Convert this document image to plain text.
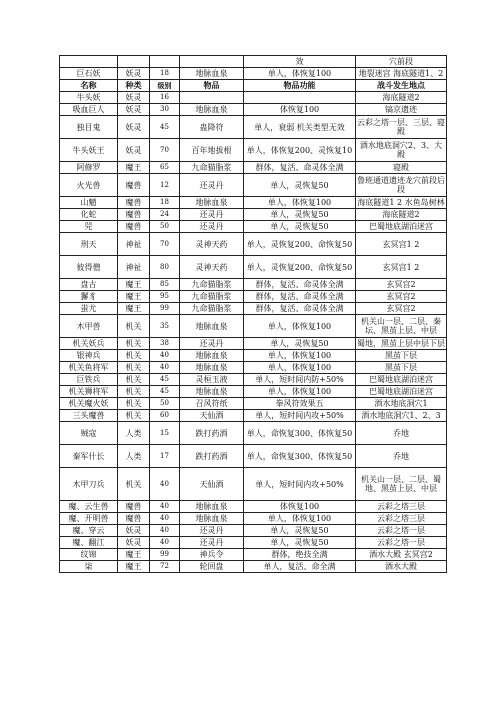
				效	穴前段
巨石妖	妖灵	18	地脉血泉	单人，体恢复100	地裂迷宫 海底隧道1、2
名称	种类	级别	物品	物品功能	战斗发生地点
牛头妖	妖灵	16			海底隧道2
吸血巨人	妖灵	30	地脉血泉	体恢复100	镐京遗迹
独目鬼	妖灵	45	蛊降符	单人，衰弱 机关类型无效	云彩之塔一层、三层、寝殿
牛头妖王	妖灵	70	百年地拔根	单人，体恢复200、灵恢复10	酒水地底洞穴2、3、大殿
阿修罗	魔王	65	九命猫脂浆	群体，复活、命灵体全满	寝殿
火光兽	魔兽	12	还灵丹	单人，灵恢复50	鲁班通道遗迹龙穴前段后段
山魈	魔兽	18	地脉血泉	单人，体恢复100	海底隧道1 2 水鱼岛树林
化蛇	魔兽	24	还灵丹	单人，灵恢复50	海底隧道2
兕	魔兽	50	还灵丹	单人，灵恢复50	巴蜀地底湖泊迷宫
刑天	神祉	70	灵神天药	单人，灵恢复200、命恢复50	玄冥宫1 2
彼得僧	神祉	80	灵神天药	单人，灵恢复200、命恢复50	玄冥宫1 2
盘古	魔王	85	九命猫脂浆	群体，复活、命灵体全满	玄冥宫2
獬豸	魔王	95	九命猫脂浆	群体，复活、命灵体全满	玄冥宫2
蚩尤	魔王	99	九命猫脂浆	群体，复活、命灵体全满	玄冥宫2
木甲兽	机关	35	地脉血泉	单人，体恢复100	机关山一层、二层、秦坛、黑茧上层、中层
机关妖兵	机关	38	还灵丹	单人，灵恢复50	蜀地，黑茧上层中层下层
银神兵	机关	40	地脉血泉	单人，体恢复100	黑茧下层
机关鱼将军	机关	40	地脉血泉	单人，体恢复100	黑茧下层
巨铁兵	机关	45	灵桓玉液	单人，短时间内防+50%	巴蜀地底湖泊迷宫
机关狮将军	机关	45	地脉血泉	单人，体恢复100	巴蜀地底湖泊迷宫
机关魔火妖	机关	50	召风符纸	拳风符效果五	酒水地底洞穴1
三头魔兽	机关	60	天仙酒	单人，短时间内攻+50%	酒水地底洞穴1、2、3
贼寇	人类	15	跌打药酒	单人，命恢复300、体恢复50	乔地
秦军什长	人类	17	跌打药酒	单人，命恢复300、体恢复50	乔地
木甲刀兵	机关	40	天仙酒	单人，短时间内攻+50%	机关山一层、二层、蜀地、黑茧上层、中层
魔、云生兽	魔兽	40	地脉血泉	体恢复100	云彩之塔三层
魔、开明兽	魔兽	40	地脉血泉	单人，体恢复100	云彩之塔三层
魔、穿云	妖灵	40	还灵丹	单人，灵恢复50	云彩之塔一层
魔、翻江	妖灵	40	还灵丹	单人，灵恢复50	云彩之塔一层
纹锦	魔王	99	神兵令	群体，绝技全满	酒水大殿 玄冥宫2
柒	魔王	72	轮回盘	单人，复活、命全满	酒水大殿
